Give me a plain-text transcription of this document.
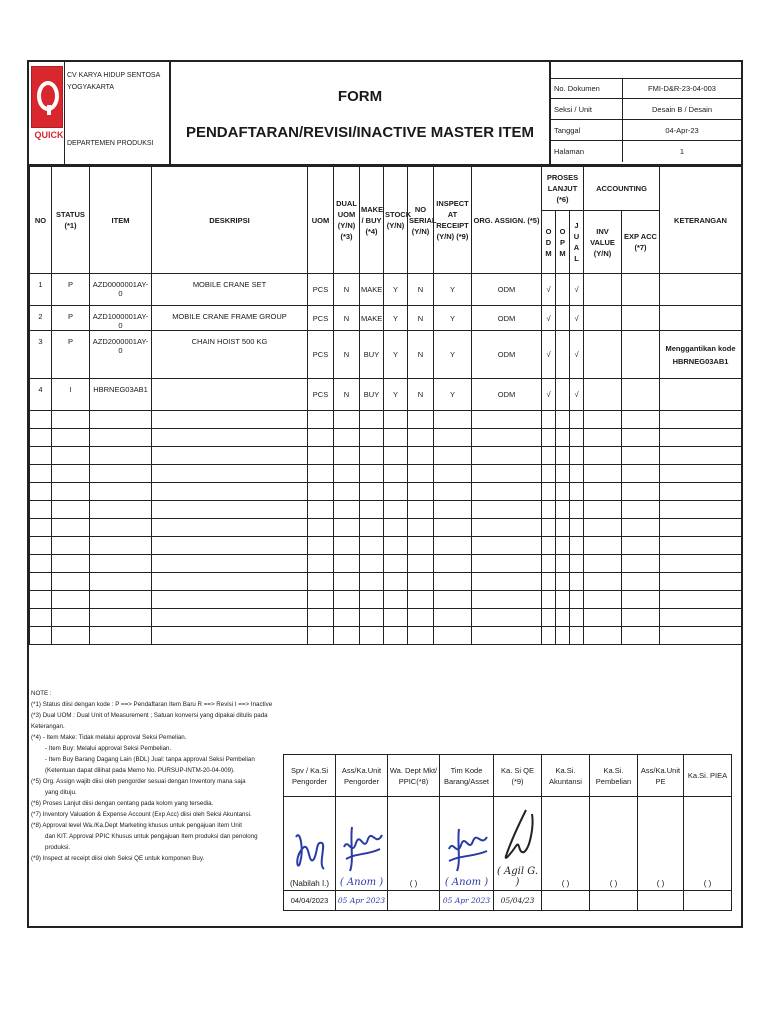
QUICK
CV KARYA HIDUP SENTOSA
YOGYAKARTA
DEPARTEMEN PRODUKSI
FORM
PENDAFTARAN/REVISI/INACTIVE MASTER ITEM
No. Dokumen	FMI-D&R-23-04-003
Seksi / Unit	Desain B / Desain
Tanggal	04-Apr-23
Halaman	1
NO	STATUS (*1)	ITEM	DESKRIPSI	UOM	DUAL UOM (Y/N) (*3)	MAKE / BUY (*4)	STOCK (Y/N)	NO SERIAL (Y/N)	INSPECT AT RECEIPT (Y/N) (*9)	ORG. ASSIGN. (*5)	PROSES LANJUT (*6)			ACCOUNTING		KETERANGAN
											O D M	O P M	J U A L	INV VALUE (Y/N)	EXP ACC (*7)	
1	P	AZD0000001AY-0	MOBILE CRANE SET	PCS	N	MAKE	Y	N	Y	ODM	√		√			

2	P	AZD1000001AY-0	MOBILE CRANE FRAME GROUP	PCS	N	MAKE	Y	N	Y	ODM	√		√			

3	P	AZD2000001AY-0	CHAIN HOIST 500 KG	PCS	N	BUY	Y	N	Y	ODM	√		√			Menggantikan kode
HBRNEG03AB1

4	I	HBRNEG03AB1		PCS	N	BUY	Y	N	Y	ODM	√		√			

NOTE :
(*1) Status diisi dengan kode : P ==> Pendaftaran Item Baru R ==> Revisi I ==> Inactive
(*3) Dual UOM : Dual Unit of Measurement ; Satuan konversi yang dipakai ditulis pada Keterangan.
(*4) - Item Make: Tidak melalui approval Seksi Pemelian.
- Item Buy: Melalui approval Seksi Pembelian.
- Item Buy Barang Dagang Lain (BDL) Jual: tanpa approval Seksi Pembelian
(Ketentuan dapat dilihat pada Memo No. PURSUP-INTM-20-04-009).
(*5) Org. Assign wajib diisi oleh pengorder sesuai dengan Inventory mana saja
yang dituju.
(*6) Proses Lanjut diisi dengan centang pada kolom yang tersedia.
(*7) Inventory Valuation & Expense Account (Exp Acc) diisi oleh Seksi Akuntansi.
(*8) Approval level Wa./Ka.Dept Marketing khusus untuk pengajuan Item Unit
dan KIT. Approval PPIC Khusus untuk pengajuan Item produksi dan penolong
produksi.
(*9) Inspect at receipt diisi oleh Seksi QE untuk komponen Buy.
Spv / Ka.Si Pengorder	Ass/Ka.Unit Pengorder	Wa. Dept Mkt/ PPIC(*8)	Tim Kode Barang/Asset	Ka. Si QE (*9)	Ka.Si. Akuntansi	Ka.Si. Pembelian	Ass/Ka.Unit PE	Ka.Si. PIEA

(Nabilah I.)	( Anom )	( )	( Anom )	( Agil G. )	( )	( )	( )	( )

04/04/2023	05 Apr 2023		05 Apr 2023	05/04/23				
